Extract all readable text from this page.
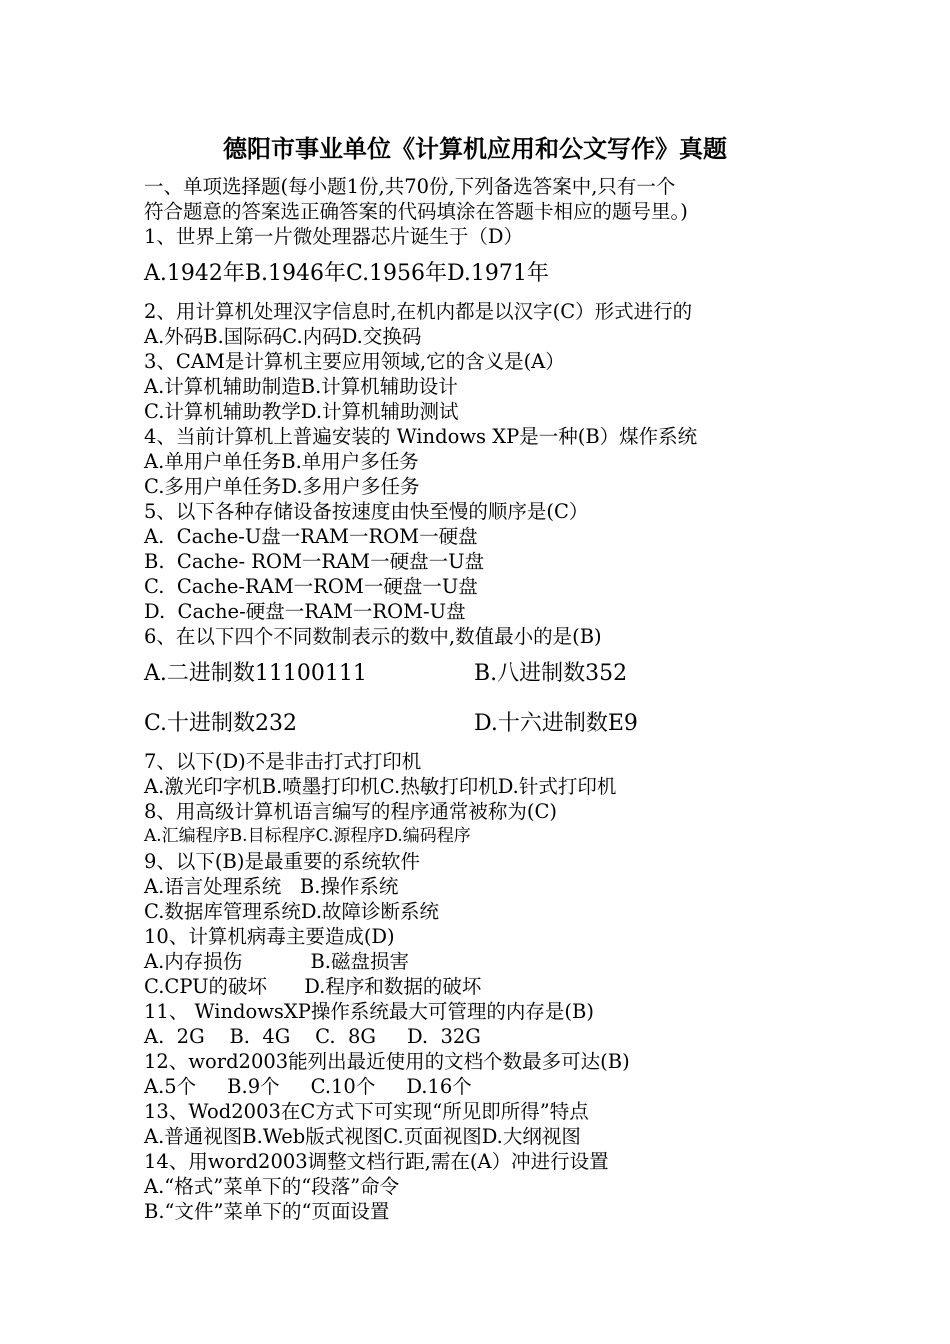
德阳市事业单位《计算机应用和公文写作》真题
一、单项选择题(每小题1份,共70份,下列备选答案中,只有一个
符合题意的答案选正确答案的代码填涂在答题卡相应的题号里。)
1、世界上第一片微处理器芯片诞生于（D）
A.1942年B.1946年C.1956年D.1971年
2、用计算机处理汉字信息时,在机内都是以汉字(C）形式进行的
A.外码B.国际码C.内码D.交换码
3、CAM是计算机主要应用领域,它的含义是(A）
A.计算机辅助制造B.计算机辅助设计
C.计算机辅助教学D.计算机辅助测试
4、当前计算机上普遍安装的 Windows XP是一种(B）煤作系统
A.单用户单任务B.单用户多任务
C.多用户单任务D.多用户多任务
5、以下各种存储设备按速度由快至慢的顺序是(C）
A.  Cache-U盘一RAM一ROM一硬盘
B.  Cache- ROM一RAM一硬盘一U盘
C.  Cache-RAM一ROM一硬盘一U盘
D.  Cache-硬盘一RAM一ROM-U盘
6、在以下四个不同数制表示的数中,数值最小的是(B)
A.二进制数11100111	B.八进制数352
C.十进制数232	D.十六进制数E9
7、以下(D)不是非击打式打印机
A.激光印字机B.喷墨打印机C.热敏打印机D.针式打印机
8、用高级计算机语言编写的程序通常被称为(C)
A.汇编程序B.目标程序C.源程序D.编码程序
9、以下(B)是最重要的系统软件
A.语言处理系统   B.操作系统
C.数据库管理系统D.故障诊断系统
10、计算机病毒主要造成(D)
A.内存损伤           B.磁盘损害
C.CPU的破坏      D.程序和数据的破坏
11、 WindowsXP操作系统最大可管理的内存是(B)
A.  2G    B.  4G    C.  8G     D.  32G
12、word2003能列出最近使用的文档个数最多可达(B)
A.5个     B.9个     C.10个     D.16个
13、Wod2003在C方式下可实现“所见即所得”特点
A.普通视图B.Web版式视图C.页面视图D.大纲视图
14、用word2003调整文档行距,需在(A）冲进行设置
A.“格式”菜单下的“段落”命令
B.“文件”菜单下的“页面设置
